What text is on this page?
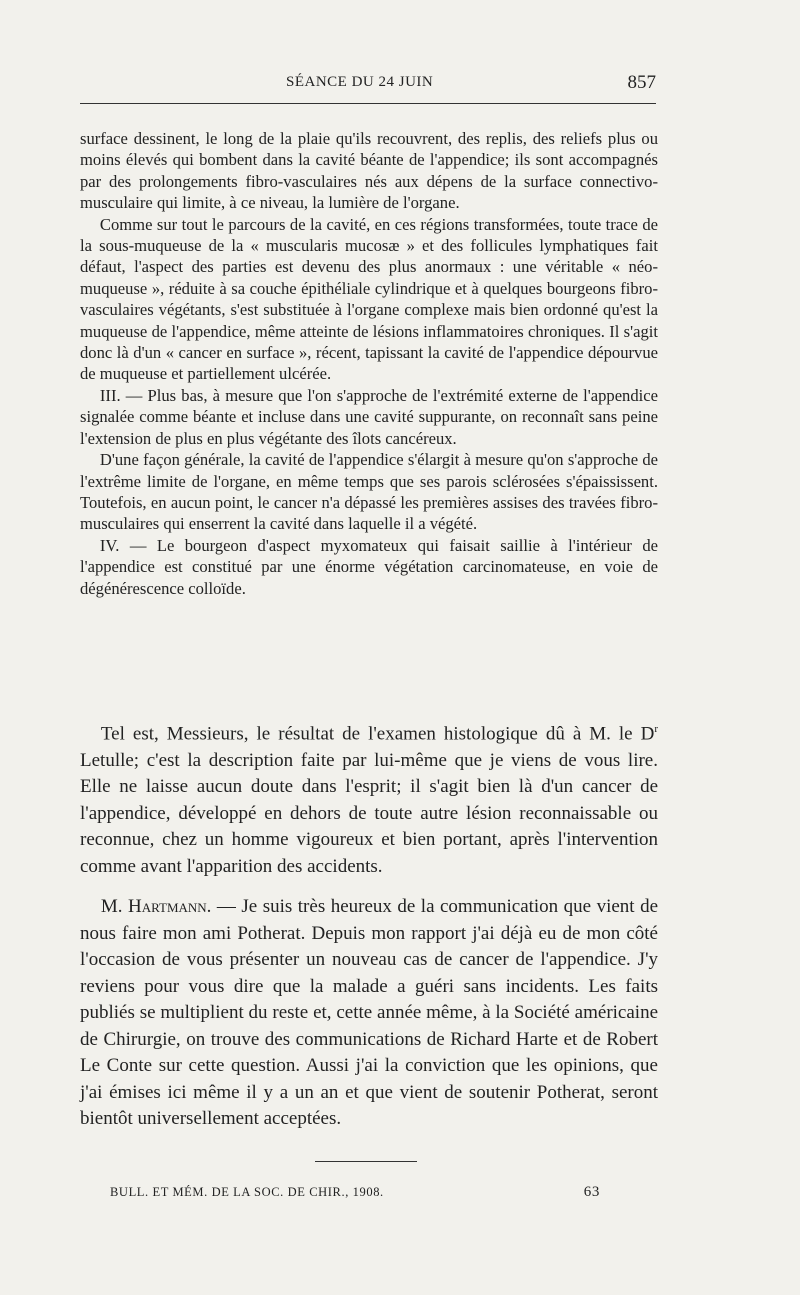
SÉANCE DU 24 JUIN	857

surface dessinent, le long de la plaie qu'ils recouvrent, des replis, des reliefs plus ou moins élevés qui bombent dans la cavité béante de l'appendice; ils sont accompagnés par des prolongements fibro-vasculaires nés aux dépens de la surface connectivo-musculaire qui limite, à ce niveau, la lumière de l'organe.

Comme sur tout le parcours de la cavité, en ces régions transformées, toute trace de la sous-muqueuse de la « muscularis mucosæ » et des follicules lymphatiques fait défaut, l'aspect des parties est devenu des plus anormaux : une véritable « néo-muqueuse », réduite à sa couche épithéliale cylindrique et à quelques bourgeons fibro-vasculaires végétants, s'est substituée à l'organe complexe mais bien ordonné qu'est la muqueuse de l'appendice, même atteinte de lésions inflammatoires chroniques. Il s'agit donc là d'un « cancer en surface », récent, tapissant la cavité de l'appendice dépourvue de muqueuse et partiellement ulcérée.

III. — Plus bas, à mesure que l'on s'approche de l'extrémité externe de l'appendice signalée comme béante et incluse dans une cavité suppurante, on reconnaît sans peine l'extension de plus en plus végétante des îlots cancéreux.

D'une façon générale, la cavité de l'appendice s'élargit à mesure qu'on s'approche de l'extrême limite de l'organe, en même temps que ses parois sclérosées s'épaississent. Toutefois, en aucun point, le cancer n'a dépassé les premières assises des travées fibro-musculaires qui enserrent la cavité dans laquelle il a végété.

IV. — Le bourgeon d'aspect myxomateux qui faisait saillie à l'intérieur de l'appendice est constitué par une énorme végétation carcinomateuse, en voie de dégénérescence colloïde.

Tel est, Messieurs, le résultat de l'examen histologique dû à M. le $D^r$ Letulle; c'est la description faite par lui-même que je viens de vous lire. Elle ne laisse aucun doute dans l'esprit; il s'agit bien là d'un cancer de l'appendice, développé en dehors de toute autre lésion reconnaissable ou reconnue, chez un homme vigoureux et bien portant, après l'intervention comme avant l'apparition des accidents.

M. Hartmann. — Je suis très heureux de la communication que vient de nous faire mon ami Potherat. Depuis mon rapport j'ai déjà eu de mon côté l'occasion de vous présenter un nouveau cas de cancer de l'appendice. J'y reviens pour vous dire que la malade a guéri sans incidents. Les faits publiés se multiplient du reste et, cette année même, à la Société américaine de Chirurgie, on trouve des communications de Richard Harte et de Robert Le Conte sur cette question. Aussi j'ai la conviction que les opinions, que j'ai émises ici même il y a un an et que vient de soutenir Potherat, seront bientôt universellement acceptées.

BULL. ET MÉM. DE LA SOC. DE CHIR., 1908.	63
